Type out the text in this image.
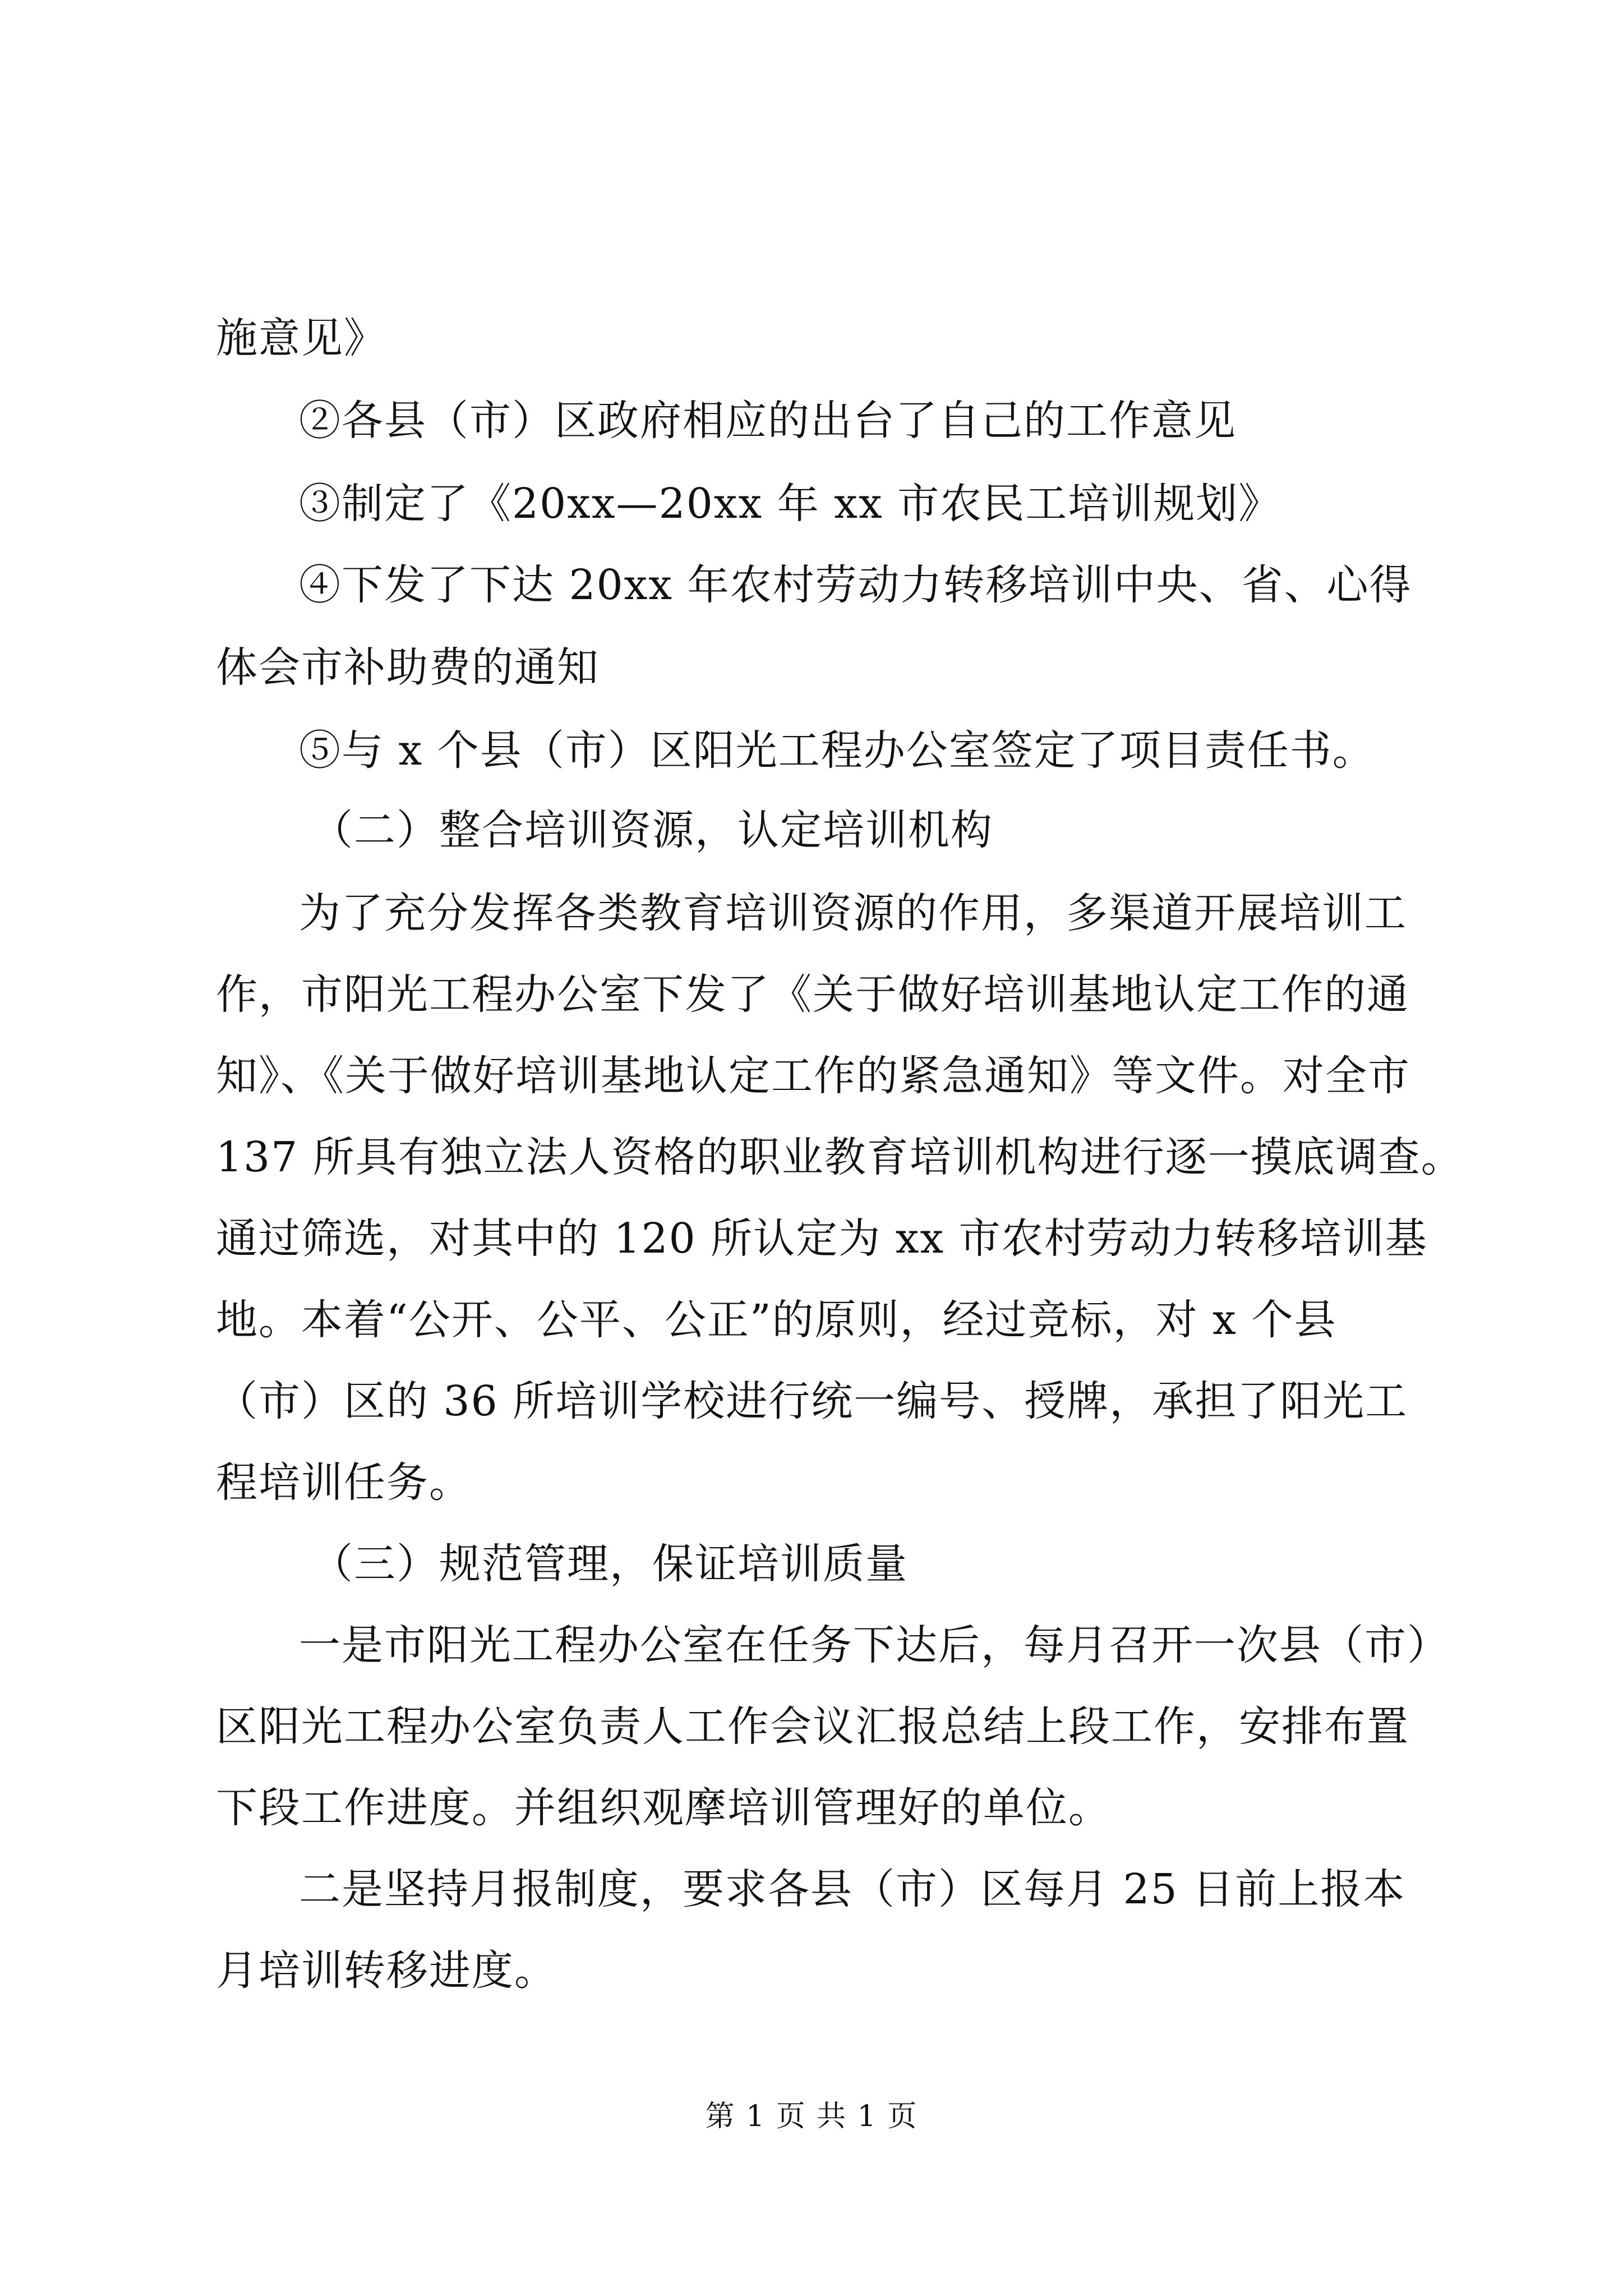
施意见》
②各县（市）区政府相应的出台了自己的工作意见
③制定了《20xx—20xx 年 xx 市农民工培训规划》
④下发了下达 20xx 年农村劳动力转移培训中央、省、心得
体会市补助费的通知
⑤与 x 个县（市）区阳光工程办公室签定了项目责任书。
（二）整合培训资源，认定培训机构
为了充分发挥各类教育培训资源的作用，多渠道开展培训工
作，市阳光工程办公室下发了《关于做好培训基地认定工作的通
知》、《关于做好培训基地认定工作的紧急通知》等文件。对全市
137 所具有独立法人资格的职业教育培训机构进行逐一摸底调查。
通过筛选，对其中的 120 所认定为 xx 市农村劳动力转移培训基
地。本着“公开、公平、公正”的原则，经过竞标，对 x 个县
（市）区的 36 所培训学校进行统一编号、授牌，承担了阳光工
程培训任务。
（三）规范管理，保证培训质量
一是市阳光工程办公室在任务下达后，每月召开一次县（市）
区阳光工程办公室负责人工作会议汇报总结上段工作，安排布置
下段工作进度。并组织观摩培训管理好的单位。
二是坚持月报制度，要求各县（市）区每月 25 日前上报本
月培训转移进度。
第 1 页 共 1 页
